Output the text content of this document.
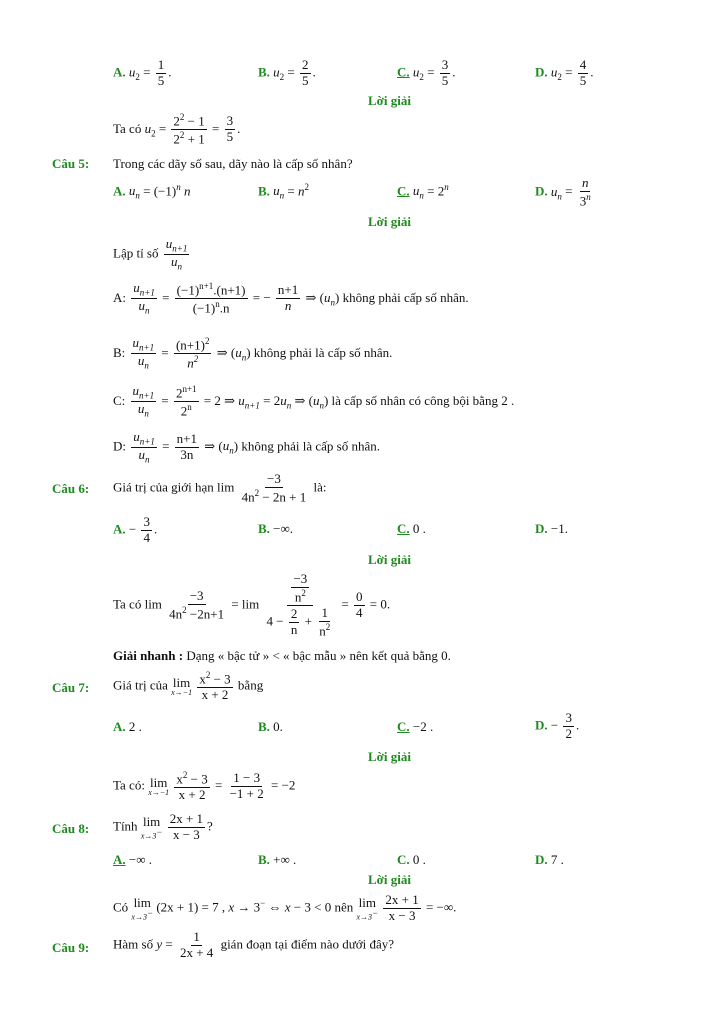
A. $u_2 = \frac{1}{5}$ .	B. $u_2 = \frac{2}{5}$ .	C. $u_2 = \frac{3}{5}$ .	D. $u_2 = \frac{4}{5}$ .
Lời giải
Ta có $u_2 = \frac{2^2 - 1}{2^2 + 1} = \frac{3}{5}$ .
Câu 5: Trong các dãy số sau, dãy nào là cấp số nhân?
A. $u_n = (-1)^n$ n	B. $u_n = n^2$	C. $u_n = 2^n$	D. $u_n = \frac{n}{3^n}$
Lời giải
Lập tỉ số $\frac{u_{n+1}}{u_n}$
A: $\frac{u_{n+1}}{u_n} = \frac{(-1)^{n+1}.(n+1)}{(-1)^n.n}$ = − $\frac{n+1}{n}$ ⇒ $(u_n)$ không phải cấp số nhân.
B: $\frac{u_{n+1}}{u_n} = \frac{(n+1)^2}{n^2}$ ⇒ $(u_n)$ không phải là cấp số nhân.
C: $\frac{u_{n+1}}{u_n} = \frac{2^{n+1}}{2^n} = 2$ ⇒ $u_{n+1} = 2u_n$ ⇒ $(u_n)$ là cấp số nhân có công bội bằng 2 .
D: $\frac{u_{n+1}}{u_n} = \frac{n+1}{3n}$ ⇒ $(u_n)$ không phải là cấp số nhân.
Câu 6: Giá trị của giới hạn $\lim \frac{-3}{4n^2 - 2n + 1}$ là:
A. − $\frac{3}{4}$ .	B. −∞.	C. 0 .	D. −1.
Lời giải
Ta có $\lim \frac{-3}{4n^2 -2n+1} = \lim \frac{\frac{-3}{n^2}}{4 - \frac{2}{n} + \frac{1}{n^2}} = \frac{0}{4} = 0$.
Giải nhanh : Dạng « bậc tử » < « bậc mẫu » nên kết quả bằng 0.
Câu 7: Giá trị của lim
x→−1
$\frac{x^2 - 3}{x + 2}$ bằng
A. 2 .	B. 0.	C. −2 .	D. − $\frac{3}{2}$ .
Lời giải
Ta có: lim
x→−1
$\frac{x^2 - 3}{x + 2} = \frac{1 - 3}{-1 + 2} = -2$
Câu 8: Tính lim
x→3−
$\frac{2x + 1}{x - 3}$ ?
A. −∞ .	B. +∞ .	C. 0 .	D. 7 .
Lời giải
Có lim
x→3− (2x + 1) = 7 , x → 3− ⇔ x − 3 < 0 nên lim
x→3−
$\frac{2x + 1}{x - 3}$ = −∞.
Câu 9: Hàm số $y = \frac{1}{2x + 4}$ gián đoạn tại điểm nào dưới đây?
